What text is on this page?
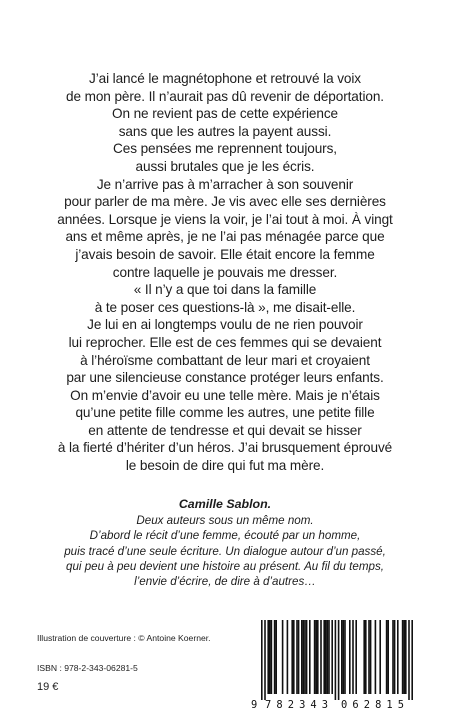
J’ai lancé le magnétophone et retrouvé la voix
de mon père. Il n’aurait pas dû revenir de déportation.
On ne revient pas de cette expérience
sans que les autres la payent aussi.
Ces pensées me reprennent toujours,
aussi brutales que je les écris.
Je n’arrive pas à m’arracher à son souvenir
pour parler de ma mère. Je vis avec elle ses dernières
années. Lorsque je viens la voir, je l’ai tout à moi. À vingt
ans et même après, je ne l’ai pas ménagée parce que
j’avais besoin de savoir. Elle était encore la femme
contre laquelle je pouvais me dresser.
« Il n’y a que toi dans la famille
à te poser ces questions-là », me disait-elle.
Je lui en ai longtemps voulu de ne rien pouvoir
lui reprocher. Elle est de ces femmes qui se devaient
à l’héroïsme combattant de leur mari et croyaient
par une silencieuse constance protéger leurs enfants.
On m’envie d’avoir eu une telle mère. Mais je n’étais
qu’une petite fille comme les autres, une petite fille
en attente de tendresse et qui devait se hisser
à la fierté d’hériter d’un héros. J’ai brusquement éprouvé
le besoin de dire qui fut ma mère.
Camille Sablon.
Deux auteurs sous un même nom.
D’abord le récit d’une femme, écouté par un homme,
puis tracé d’une seule écriture. Un dialogue autour d’un passé,
qui peu à peu devient une histoire au présent. Au fil du temps,
l’envie d’écrire, de dire à d’autres…
Illustration de couverture : © Antoine Koerner.
ISBN : 978-2-343-06281-5
19 €
9 782343 062815
